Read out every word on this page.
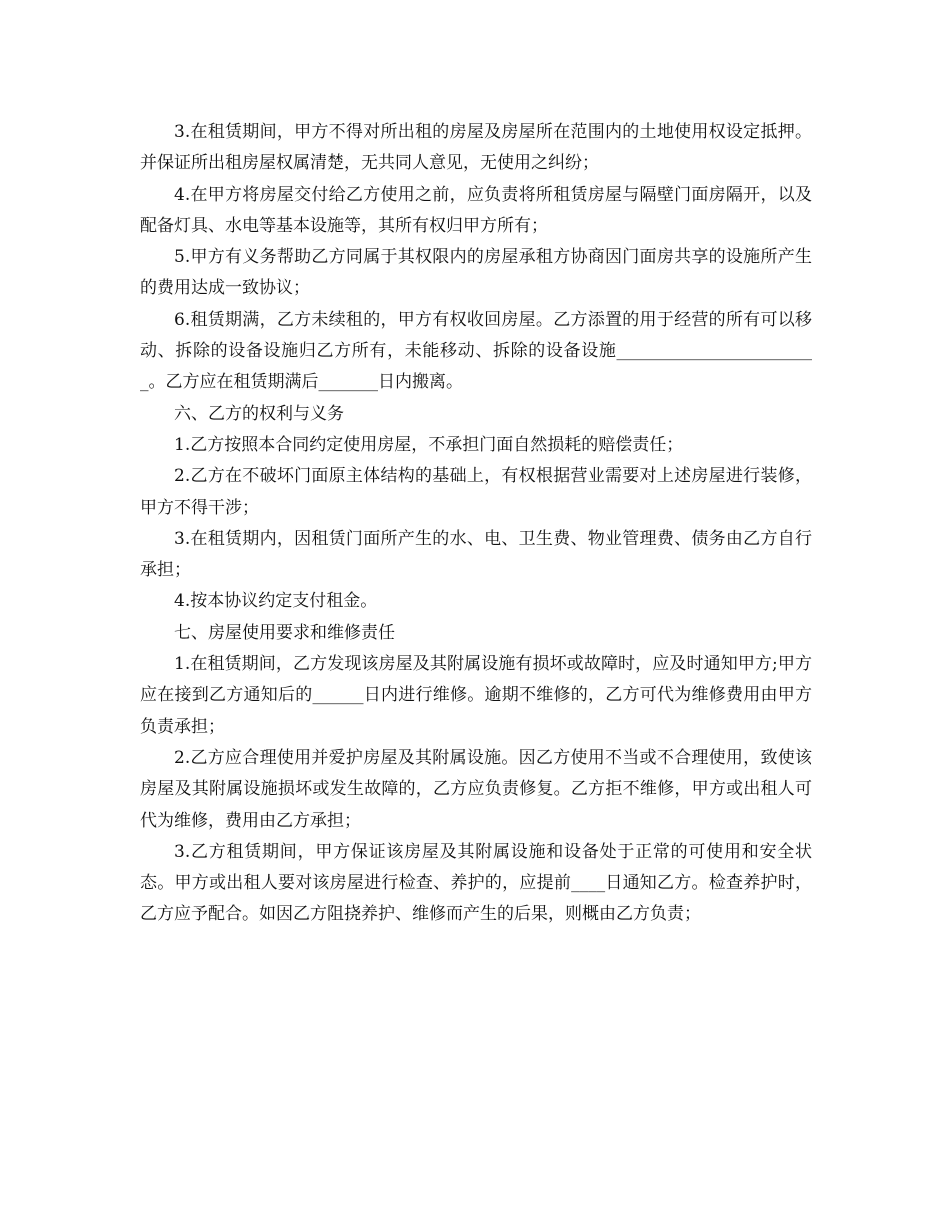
3.在租赁期间，甲方不得对所出租的房屋及房屋所在范围内的土地使用权设定抵押。并保证所出租房屋权属清楚，无共同人意见，无使用之纠纷；

4.在甲方将房屋交付给乙方使用之前，应负责将所租赁房屋与隔壁门面房隔开，以及配备灯具、水电等基本设施等，其所有权归甲方所有；

5.甲方有义务帮助乙方同属于其权限内的房屋承租方协商因门面房共享的设施所产生的费用达成一致协议；

6.租赁期满，乙方未续租的，甲方有权收回房屋。乙方添置的用于经营的所有可以移动、拆除的设备设施归乙方所有，未能移动、拆除的设备设施________________________。乙方应在租赁期满后_______日内搬离。

六、乙方的权利与义务

1.乙方按照本合同约定使用房屋，不承担门面自然损耗的赔偿责任；

2.乙方在不破坏门面原主体结构的基础上，有权根据营业需要对上述房屋进行装修，甲方不得干涉；

3.在租赁期内，因租赁门面所产生的水、电、卫生费、物业管理费、债务由乙方自行承担；

4.按本协议约定支付租金。

七、房屋使用要求和维修责任

1.在租赁期间，乙方发现该房屋及其附属设施有损坏或故障时，应及时通知甲方;甲方应在接到乙方通知后的______日内进行维修。逾期不维修的，乙方可代为维修费用由甲方负责承担；

2.乙方应合理使用并爱护房屋及其附属设施。因乙方使用不当或不合理使用，致使该房屋及其附属设施损坏或发生故障的，乙方应负责修复。乙方拒不维修，甲方或出租人可代为维修，费用由乙方承担；

3.乙方租赁期间，甲方保证该房屋及其附属设施和设备处于正常的可使用和安全状态。甲方或出租人要对该房屋进行检查、养护的，应提前____日通知乙方。检查养护时，乙方应予配合。如因乙方阻挠养护、维修而产生的后果，则概由乙方负责；
